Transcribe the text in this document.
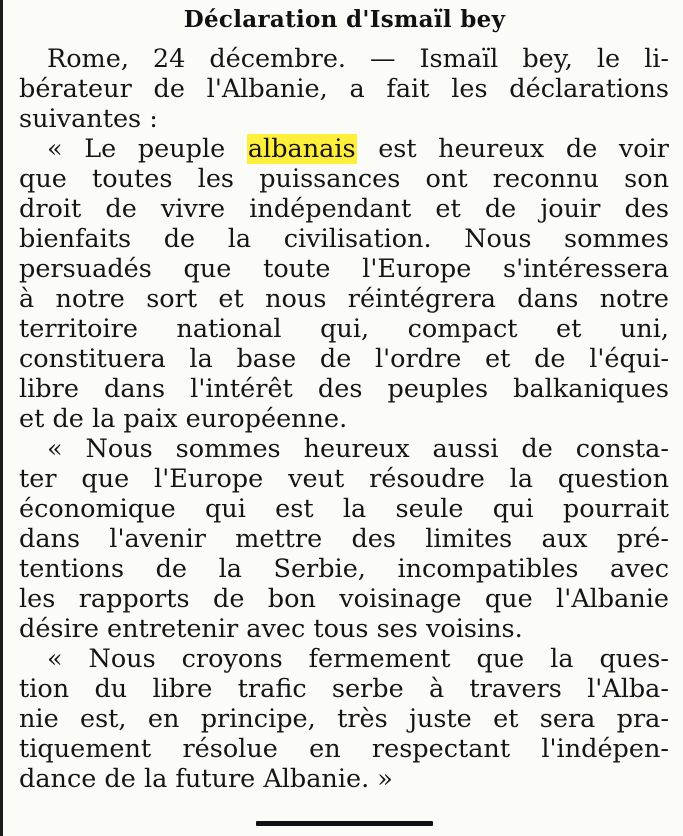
Déclaration d'Ismaïl bey
Rome, 24 décembre. — Ismaïl bey, le li-
bérateur de l'Albanie, a fait les déclarations
suivantes :
« Le peuple albanais est heureux de voir
que toutes les puissances ont reconnu son
droit de vivre indépendant et de jouir des
bienfaits de la civilisation. Nous sommes
persuadés que toute l'Europe s'intéressera
à notre sort et nous réintégrera dans notre
territoire national qui, compact et uni,
constituera la base de l'ordre et de l'équi-
libre dans l'intérêt des peuples balkaniques
et de la paix européenne.
« Nous sommes heureux aussi de consta-
ter que l'Europe veut résoudre la question
économique qui est la seule qui pourrait
dans l'avenir mettre des limites aux pré-
tentions de la Serbie, incompatibles avec
les rapports de bon voisinage que l'Albanie
désire entretenir avec tous ses voisins.
« Nous croyons fermement que la ques-
tion du libre trafic serbe à travers l'Alba-
nie est, en principe, très juste et sera pra-
tiquement résolue en respectant l'indépen-
dance de la future Albanie. »
